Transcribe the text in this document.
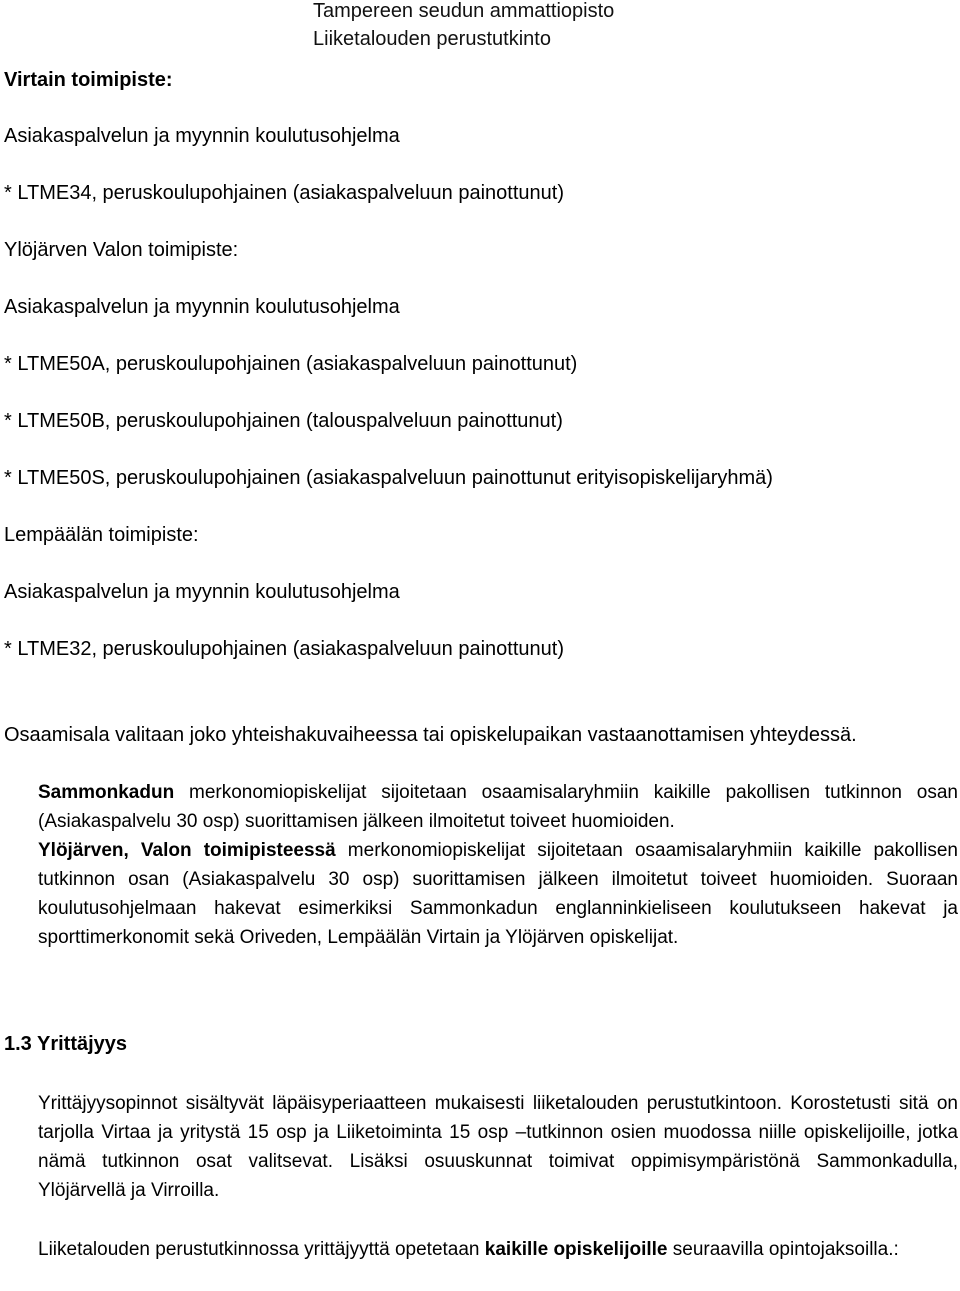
Tampereen seudun ammattiopisto
Liiketalouden perustutkinto
Virtain toimipiste:
Asiakaspalvelun ja myynnin koulutusohjelma
* LTME34, peruskoulupohjainen (asiakaspalveluun painottunut)
Ylöjärven Valon toimipiste:
Asiakaspalvelun ja myynnin koulutusohjelma
* LTME50A, peruskoulupohjainen (asiakaspalveluun painottunut)
* LTME50B, peruskoulupohjainen (talouspalveluun painottunut)
* LTME50S, peruskoulupohjainen (asiakaspalveluun painottunut erityisopiskelijaryhmä)
Lempäälän toimipiste:
Asiakaspalvelun ja myynnin koulutusohjelma
* LTME32, peruskoulupohjainen (asiakaspalveluun painottunut)
Osaamisala valitaan joko yhteishakuvaiheessa tai opiskelupaikan vastaanottamisen yhteydessä.

Sammonkadun merkonomiopiskelijat sijoitetaan osaamisalaryhmiin kaikille pakollisen tutkinnon osan (Asiakaspalvelu 30 osp) suorittamisen jälkeen ilmoitetut toiveet huomioiden.

Ylöjärven, Valon toimipisteessä merkonomiopiskelijat sijoitetaan osaamisalaryhmiin kaikille pakollisen tutkinnon osan (Asiakaspalvelu 30 osp) suorittamisen jälkeen ilmoitetut toiveet huomioiden. Suoraan koulutusohjelmaan hakevat esimerkiksi Sammonkadun englanninkieliseen koulutukseen hakevat ja sporttimerkonomit sekä Oriveden, Lempäälän Virtain ja Ylöjärven opiskelijat.

1.3 Yrittäjyys

Yrittäjyysopinnot sisältyvät läpäisyperiaatteen mukaisesti liiketalouden perustutkintoon. Korostetusti sitä on tarjolla Virtaa ja yritystä 15 osp ja Liiketoiminta 15 osp –tutkinnon osien muodossa niille opiskelijoille, jotka nämä tutkinnon osat valitsevat. Lisäksi osuuskunnat toimivat oppimisympäristönä Sammonkadulla, Ylöjärvellä ja Virroilla.

Liiketalouden perustutkinnossa yrittäjyyttä opetetaan kaikille opiskelijoille seuraavilla opintojaksoilla.:
